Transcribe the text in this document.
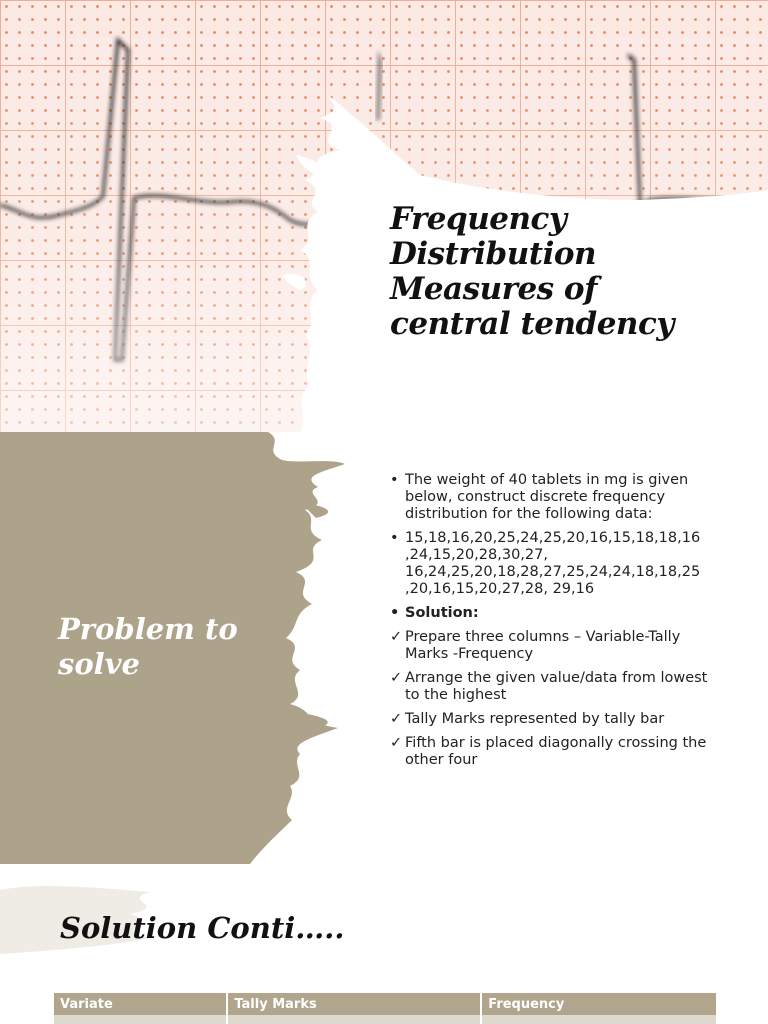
Frequency
Distribution
Measures of
central tendency
Problem to
solve
• The weight of 40 tablets in mg is given below, construct discrete frequency distribution for the following data:
• 15,18,16,20,25,24,25,20,16,15,18,18,16 ,24,15,20,28,30,27, 16,24,25,20,18,28,27,25,24,24,18,18,25 ,20,16,15,20,27,28, 29,16
• Solution:
✓ Prepare three columns – Variable-Tally Marks -Frequency
✓ Arrange the given value/data from lowest to the highest
✓ Tally Marks represented by tally bar
✓ Fifth bar is placed diagonally crossing the other four
Solution Conti…..
Variate	Tally Marks	Frequency
